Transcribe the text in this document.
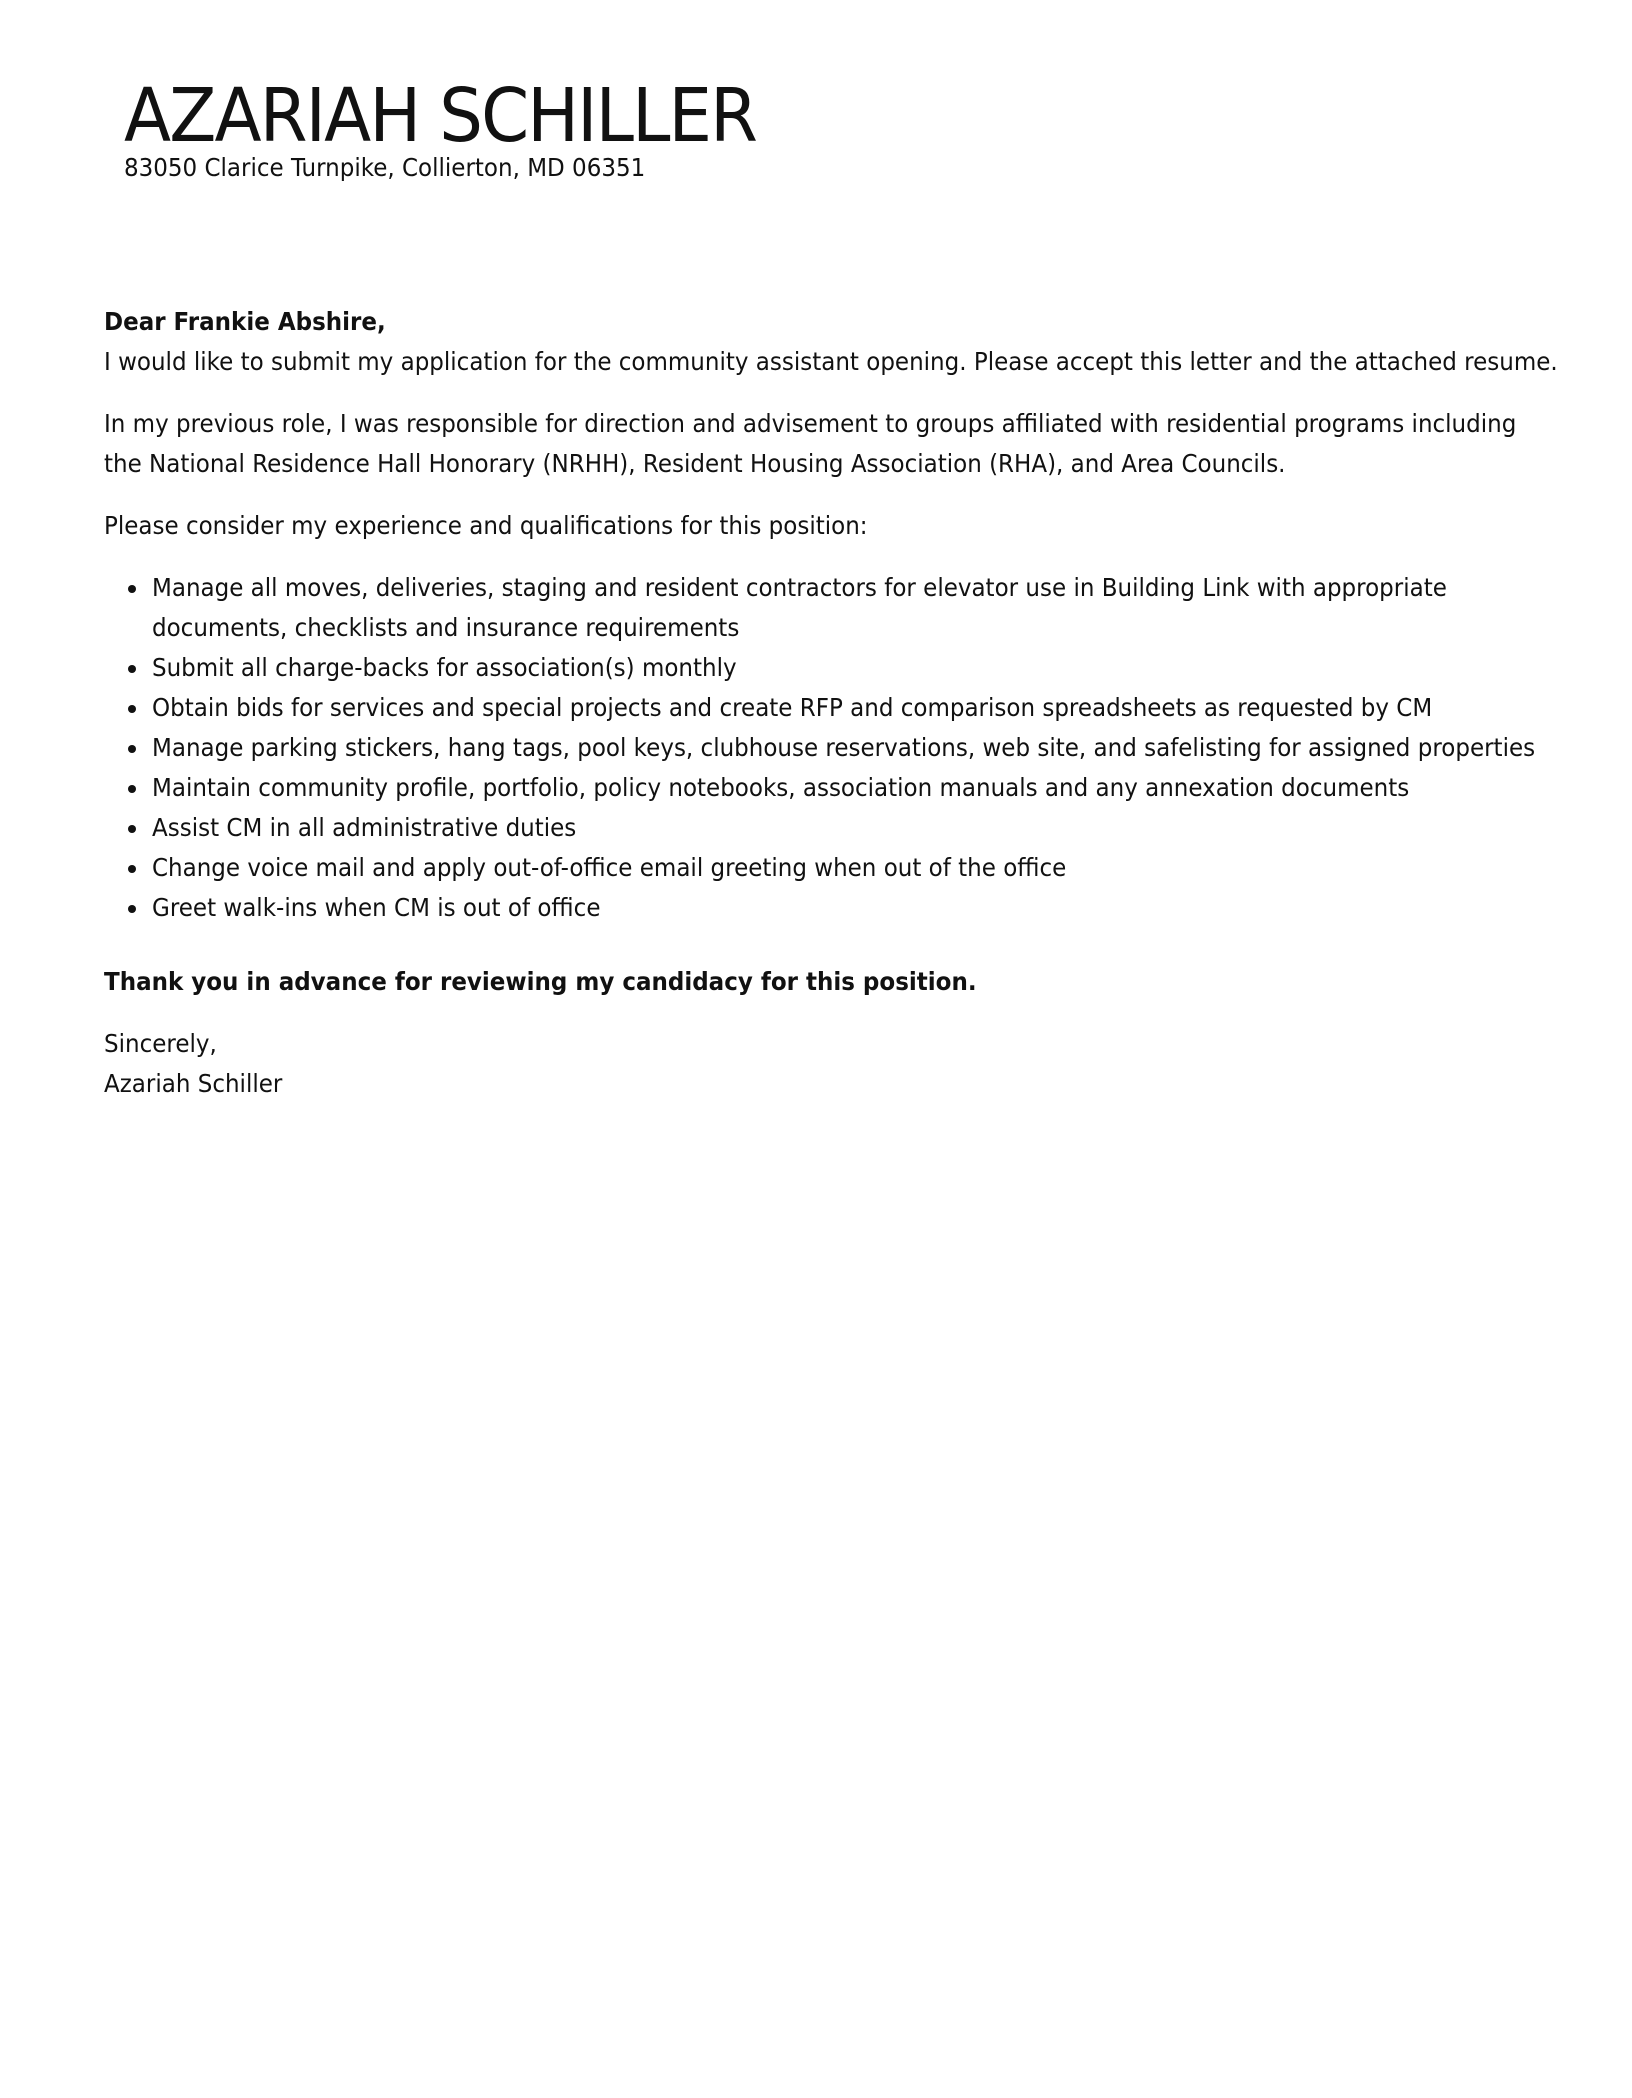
AZARIAH SCHILLER
83050 Clarice Turnpike, Collierton, MD 06351

Dear Frankie Abshire,

I would like to submit my application for the community assistant opening. Please accept this letter and the attached resume.

In my previous role, I was responsible for direction and advisement to groups affiliated with residential programs including
the National Residence Hall Honorary (NRHH), Resident Housing Association (RHA), and Area Councils.

Please consider my experience and qualifications for this position:

Manage all moves, deliveries, staging and resident contractors for elevator use in Building Link with appropriate
documents, checklists and insurance requirements
Submit all charge-backs for association(s) monthly
Obtain bids for services and special projects and create RFP and comparison spreadsheets as requested by CM
Manage parking stickers, hang tags, pool keys, clubhouse reservations, web site, and safelisting for assigned properties
Maintain community profile, portfolio, policy notebooks, association manuals and any annexation documents
Assist CM in all administrative duties
Change voice mail and apply out-of-office email greeting when out of the office
Greet walk-ins when CM is out of office

Thank you in advance for reviewing my candidacy for this position.

Sincerely,
Azariah Schiller
